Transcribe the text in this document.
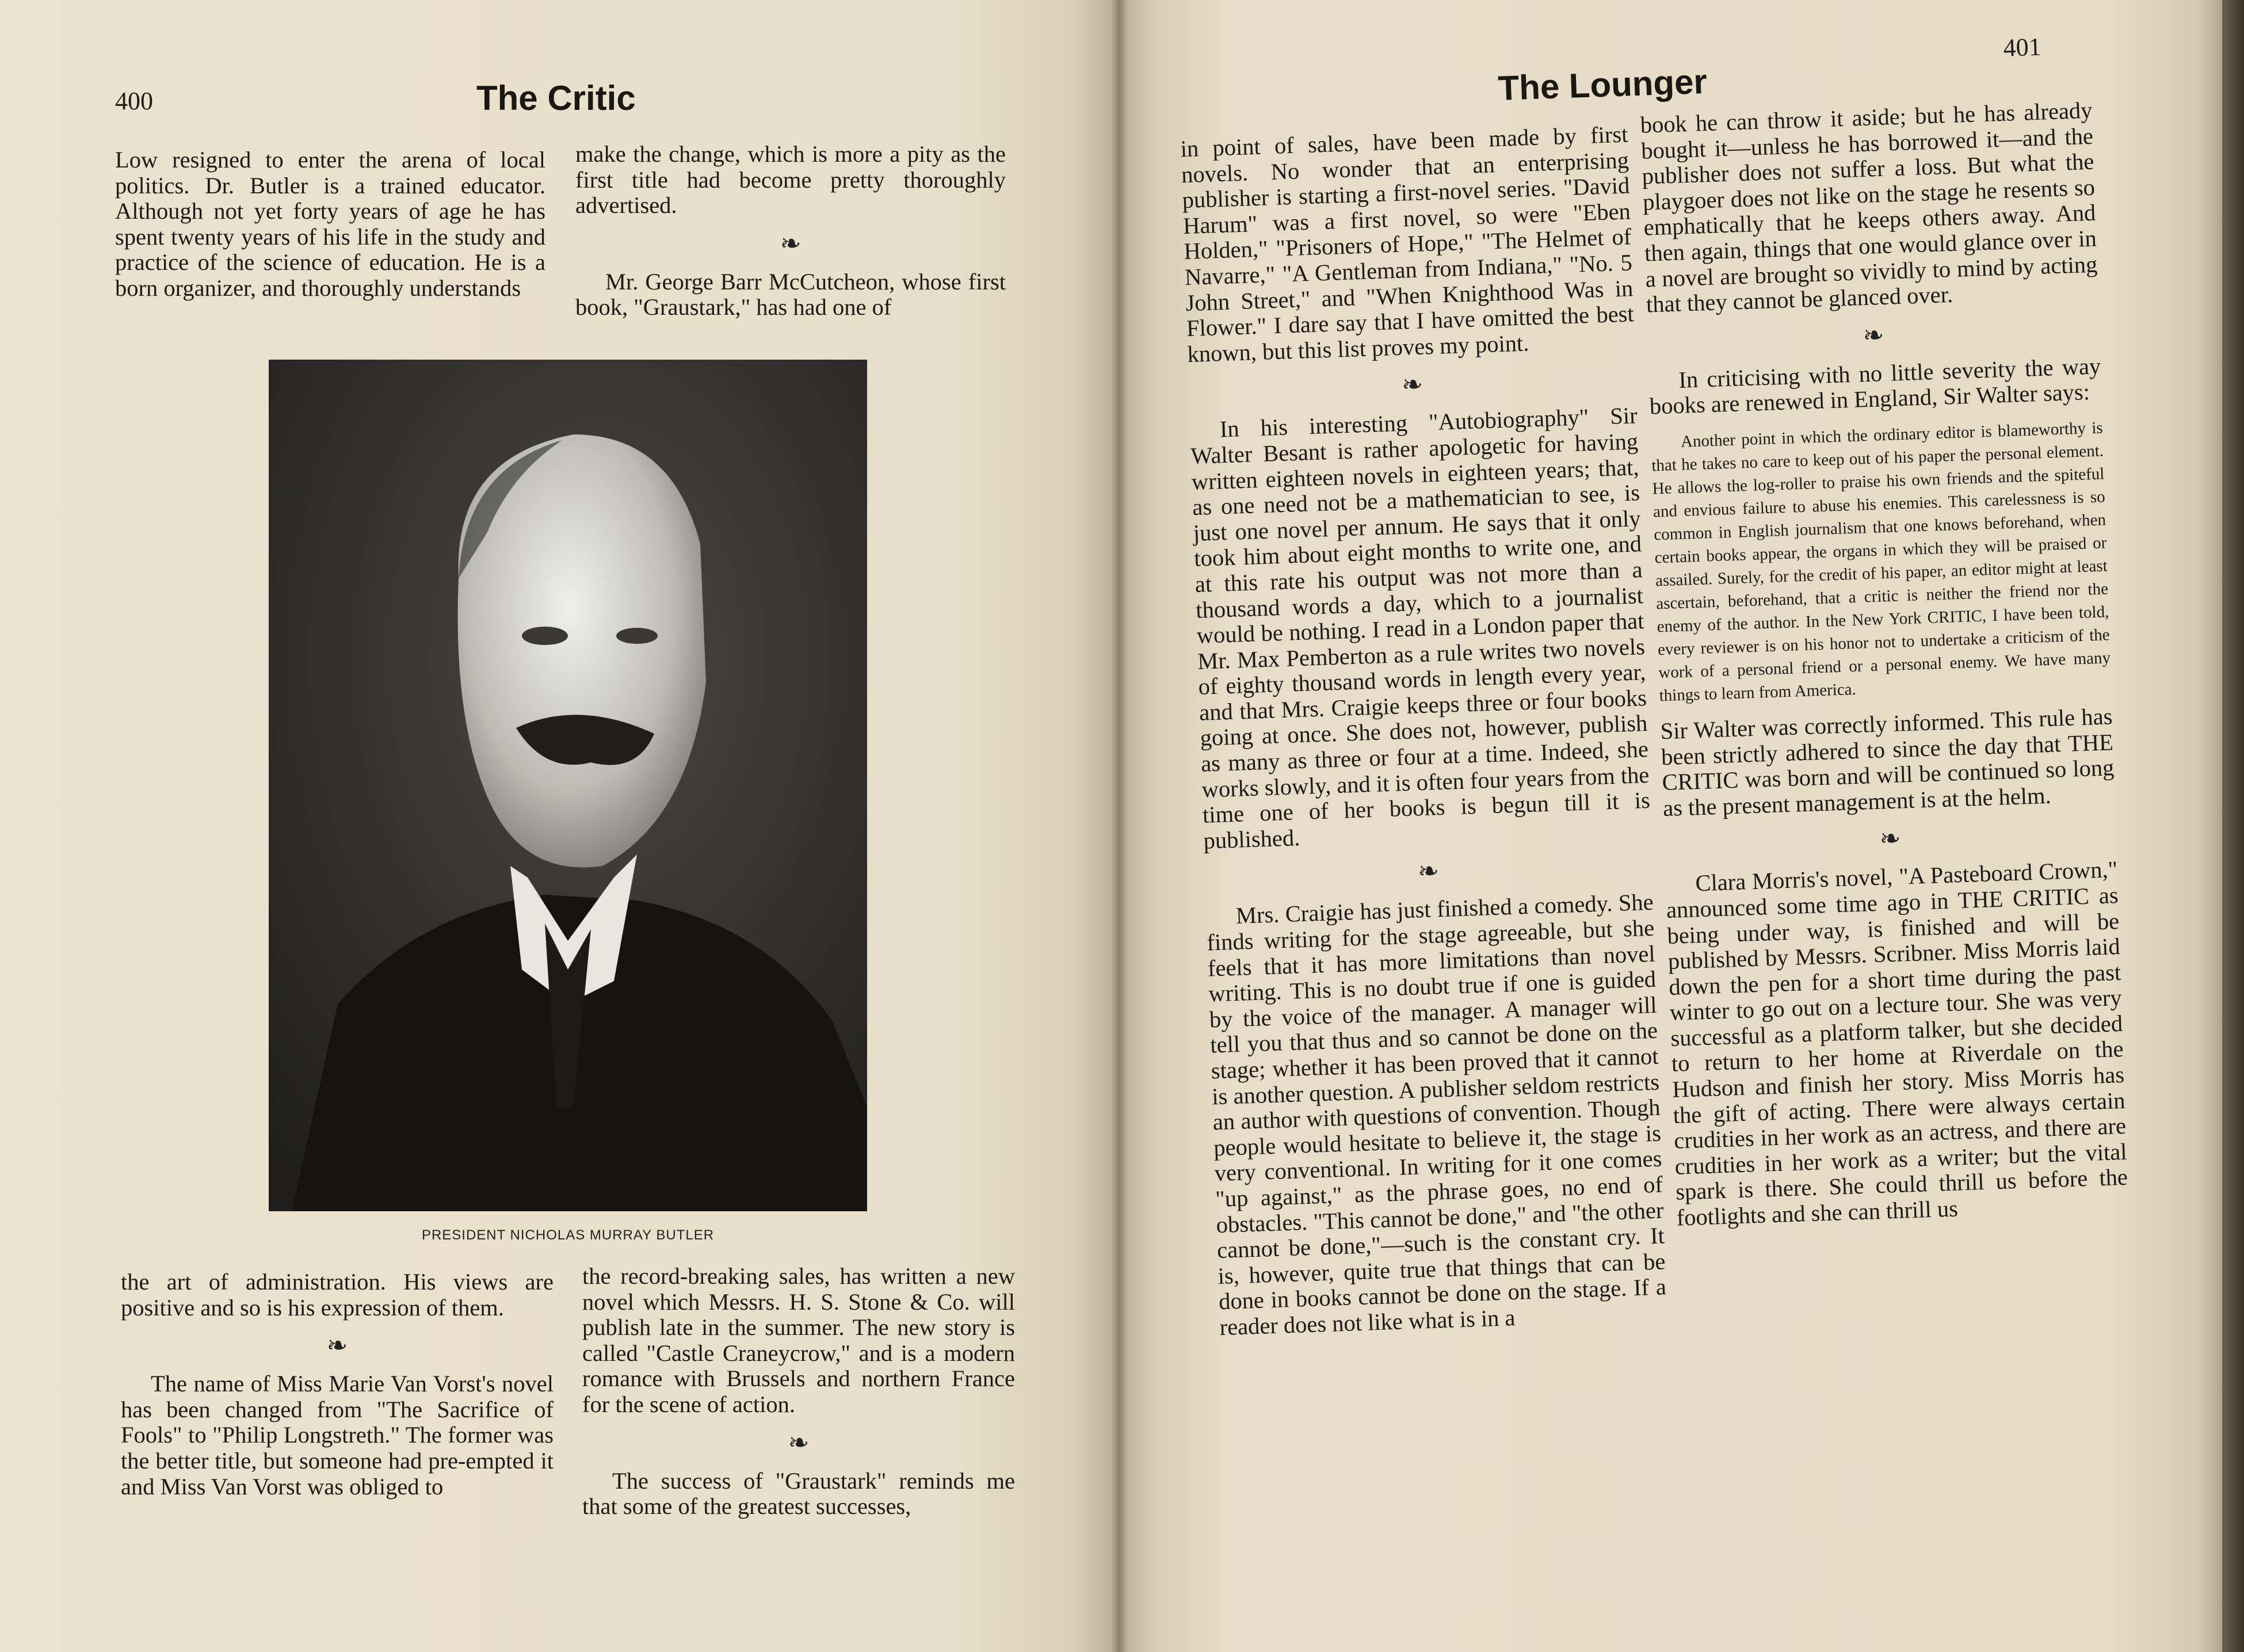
400	The Critic

Low resigned to enter the arena of local politics. Dr. Butler is a trained educator. Although not yet forty years of age he has spent twenty years of his life in the study and practice of the science of education. He is a born organizer, and thoroughly understands

make the change, which is more a pity as the first title had become pretty thoroughly advertised.

❧

Mr. George Barr McCutcheon, whose first book, "Graustark," has had one of

PRESIDENT NICHOLAS MURRAY BUTLER

the art of administration. His views are positive and so is his expression of them.

❧

The name of Miss Marie Van Vorst's novel has been changed from "The Sacrifice of Fools" to "Philip Longstreth." The former was the better title, but someone had pre-empted it and Miss Van Vorst was obliged to

the record-breaking sales, has written a new novel which Messrs. H. S. Stone & Co. will publish late in the summer. The new story is called "Castle Craneycrow," and is a modern romance with Brussels and northern France for the scene of action.

❧

The success of "Graustark" reminds me that some of the greatest successes,

The Lounger
401

in point of sales, have been made by first novels. No wonder that an enterprising publisher is starting a first-novel series. "David Harum" was a first novel, so were "Eben Holden," "Prisoners of Hope," "The Helmet of Navarre," "A Gentleman from Indiana," "No. 5 John Street," and "When Knighthood Was in Flower." I dare say that I have omitted the best known, but this list proves my point.

❧

In his interesting "Autobiography" Sir Walter Besant is rather apologetic for having written eighteen novels in eighteen years; that, as one need not be a mathematician to see, is just one novel per annum. He says that it only took him about eight months to write one, and at this rate his output was not more than a thousand words a day, which to a journalist would be nothing. I read in a London paper that Mr. Max Pemberton as a rule writes two novels of eighty thousand words in length every year, and that Mrs. Craigie keeps three or four books going at once. She does not, however, publish as many as three or four at a time. Indeed, she works slowly, and it is often four years from the time one of her books is begun till it is published.

❧

Mrs. Craigie has just finished a comedy. She finds writing for the stage agreeable, but she feels that it has more limitations than novel writing. This is no doubt true if one is guided by the voice of the manager. A manager will tell you that thus and so cannot be done on the stage; whether it has been proved that it cannot is another question. A publisher seldom restricts an author with questions of convention. Though people would hesitate to believe it, the stage is very conventional. In writing for it one comes "up against," as the phrase goes, no end of obstacles. "This cannot be done," and "the other cannot be done,"—such is the constant cry. It is, however, quite true that things that can be done in books cannot be done on the stage. If a reader does not like what is in a

book he can throw it aside; but he has already bought it—unless he has borrowed it—and the publisher does not suffer a loss. But what the playgoer does not like on the stage he resents so emphatically that he keeps others away. And then again, things that one would glance over in a novel are brought so vividly to mind by acting that they cannot be glanced over.

❧

In criticising with no little severity the way books are renewed in England, Sir Walter says:

Another point in which the ordinary editor is blameworthy is that he takes no care to keep out of his paper the personal element. He allows the log-roller to praise his own friends and the spiteful and envious failure to abuse his enemies. This carelessness is so common in English journalism that one knows beforehand, when certain books appear, the organs in which they will be praised or assailed. Surely, for the credit of his paper, an editor might at least ascertain, beforehand, that a critic is neither the friend nor the enemy of the author. In the New York CRITIC, I have been told, every reviewer is on his honor not to undertake a criticism of the work of a personal friend or a personal enemy. We have many things to learn from America.

Sir Walter was correctly informed. This rule has been strictly adhered to since the day that THE CRITIC was born and will be continued so long as the present management is at the helm.

❧

Clara Morris's novel, "A Pasteboard Crown," announced some time ago in THE CRITIC as being under way, is finished and will be published by Messrs. Scribner. Miss Morris laid down the pen for a short time during the past winter to go out on a lecture tour. She was very successful as a platform talker, but she decided to return to her home at Riverdale on the Hudson and finish her story. Miss Morris has the gift of acting. There were always certain crudities in her work as an actress, and there are crudities in her work as a writer; but the vital spark is there. She could thrill us before the footlights and she can thrill us
